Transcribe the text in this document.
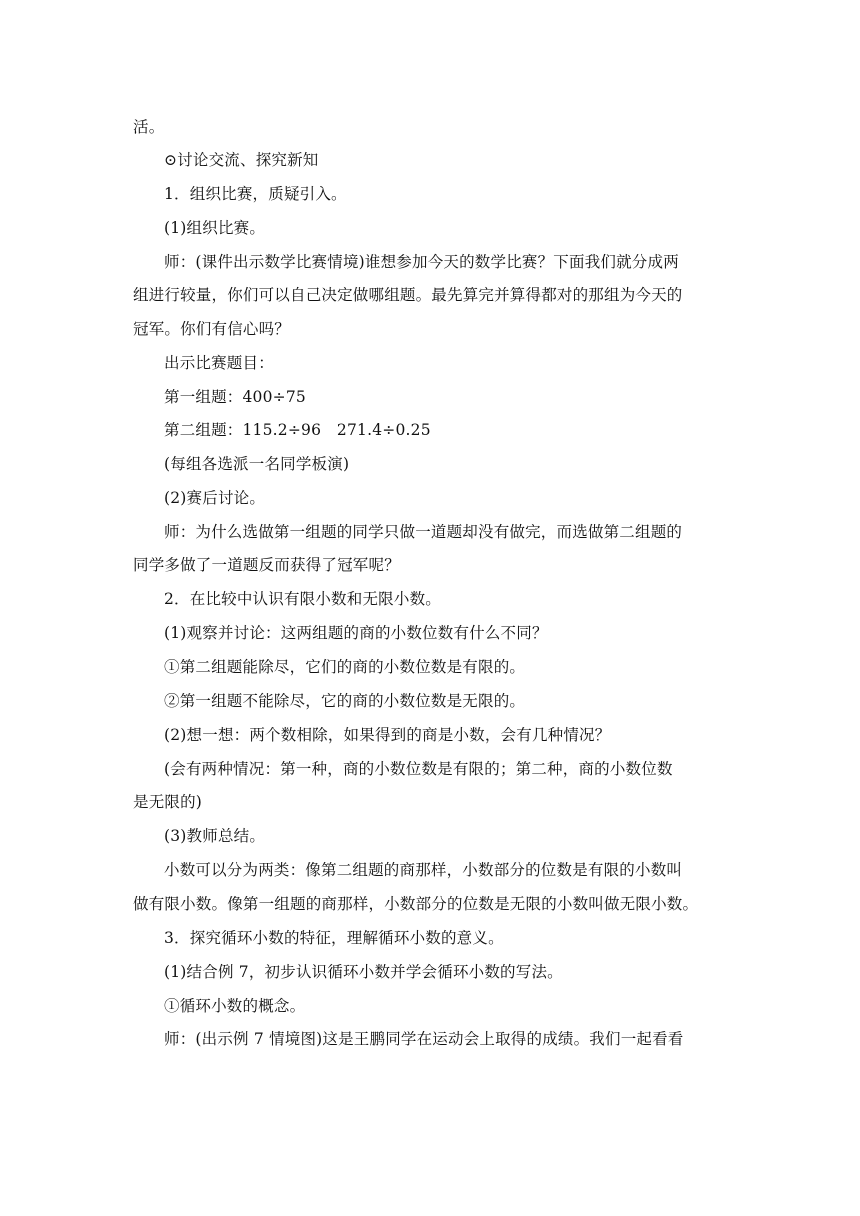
活。
⊙讨论交流、探究新知
1．组织比赛，质疑引入。
(1)组织比赛。
师：(课件出示数学比赛情境)谁想参加今天的数学比赛？下面我们就分成两
组进行较量，你们可以自己决定做哪组题。最先算完并算得都对的那组为今天的
冠军。你们有信心吗？
出示比赛题目：
第一组题：400÷75
第二组题：115.2÷96　271.4÷0.25
(每组各选派一名同学板演)
(2)赛后讨论。
师：为什么选做第一组题的同学只做一道题却没有做完，而选做第二组题的
同学多做了一道题反而获得了冠军呢？
2．在比较中认识有限小数和无限小数。
(1)观察并讨论：这两组题的商的小数位数有什么不同？
①第二组题能除尽，它们的商的小数位数是有限的。
②第一组题不能除尽，它的商的小数位数是无限的。
(2)想一想：两个数相除，如果得到的商是小数，会有几种情况？
(会有两种情况：第一种，商的小数位数是有限的；第二种，商的小数位数
是无限的)
(3)教师总结。
小数可以分为两类：像第二组题的商那样，小数部分的位数是有限的小数叫
做有限小数。像第一组题的商那样，小数部分的位数是无限的小数叫做无限小数。
3．探究循环小数的特征，理解循环小数的意义。
(1)结合例 7，初步认识循环小数并学会循环小数的写法。
①循环小数的概念。
师：(出示例 7 情境图)这是王鹏同学在运动会上取得的成绩。我们一起看看
